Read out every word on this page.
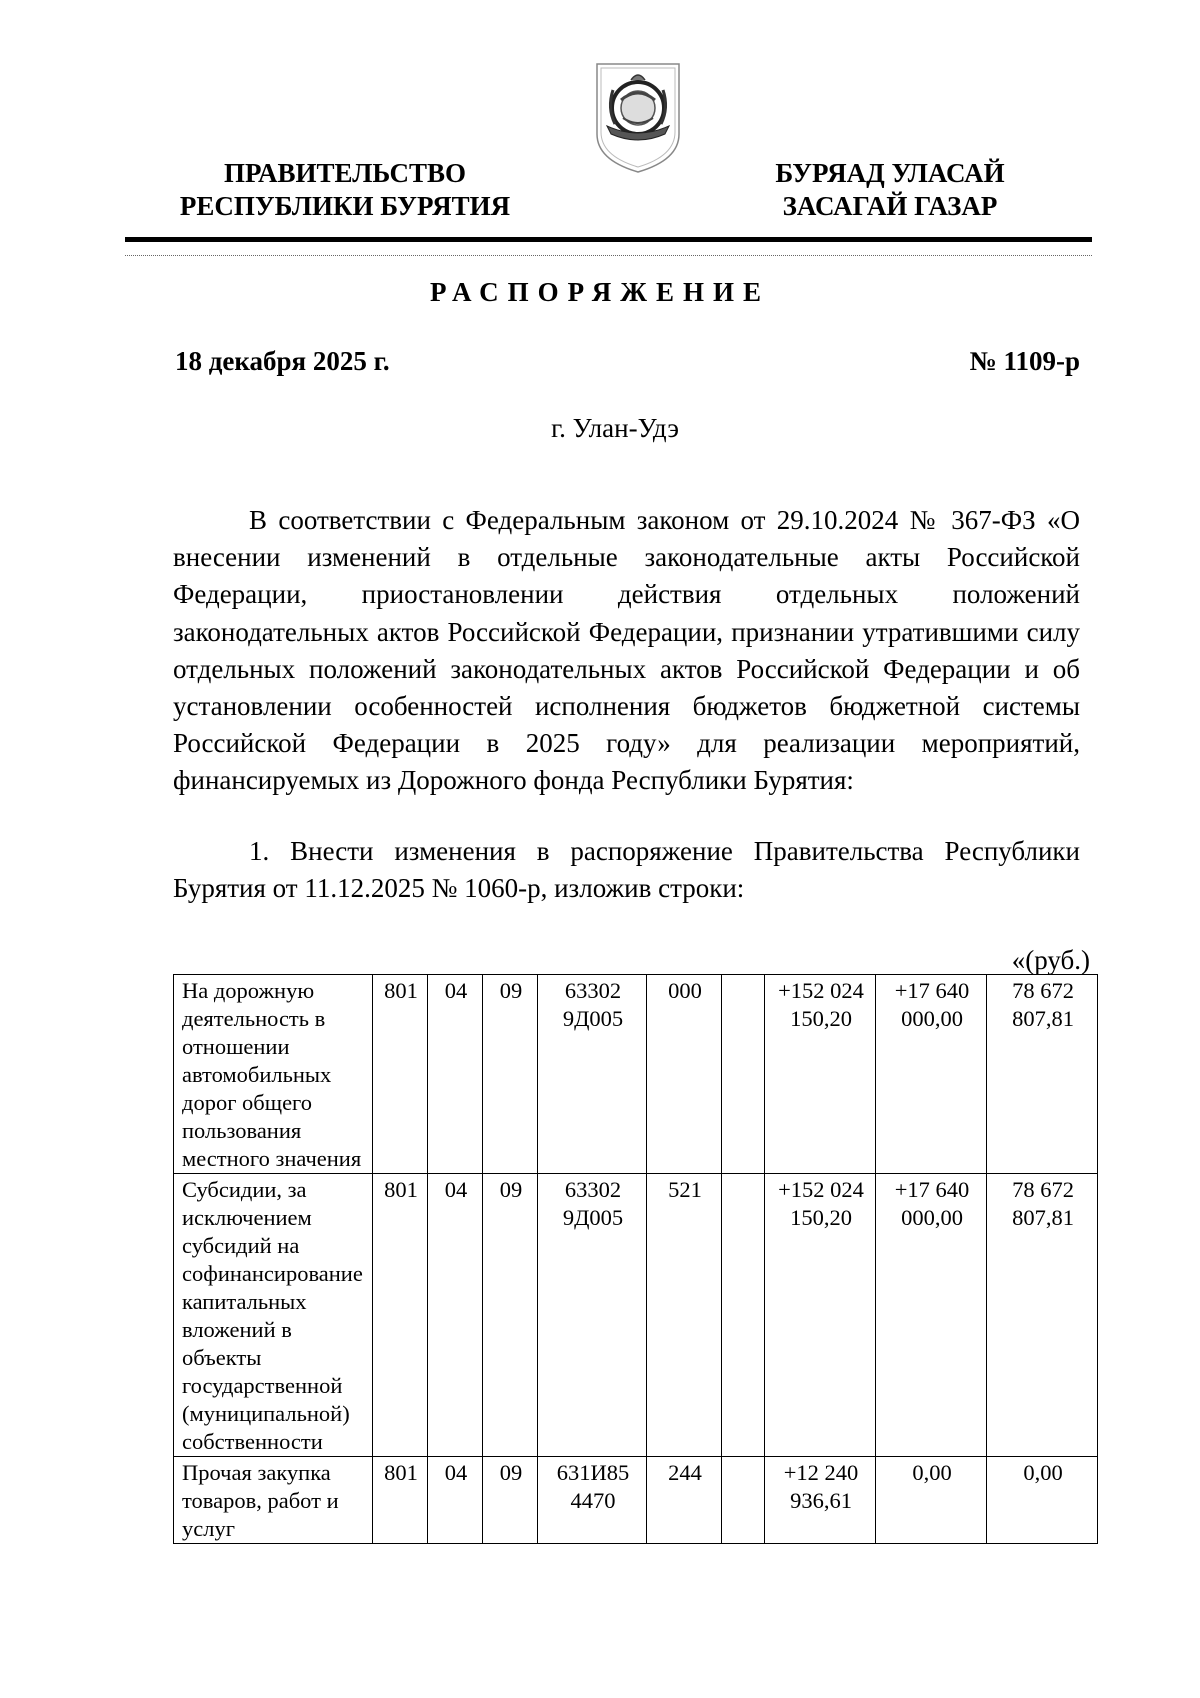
ПРАВИТЕЛЬСТВО
РЕСПУБЛИКИ БУРЯТИЯ
БУРЯАД УЛАСАЙ
ЗАСАГАЙ ГАЗАР
РАСПОРЯЖЕНИЕ
18 декабря 2025 г.	№ 1109-р
г. Улан-Удэ

В соответствии с Федеральным законом от 29.10.2024 № 367-ФЗ «О внесении изменений в отдельные законодательные акты Российской Федерации, приостановлении действия отдельных положений законодательных актов Российской Федерации, признании утратившими силу отдельных положений законодательных актов Российской Федерации и об установлении особенностей исполнения бюджетов бюджетной системы Российской Федерации в 2025 году» для реализации мероприятий, финансируемых из Дорожного фонда Республики Бурятия:

1. Внести изменения в распоряжение Правительства Республики Бурятия от 11.12.2025 № 1060-р, изложив строки:

«(руб.)
На дорожную деятельность в отношении автомобильных дорог общего пользования местного значения	801	04	09	63302 9Д005	000		+152 024 150,20	+17 640 000,00	78 672 807,81
Субсидии, за исключением субсидий на софинансирование капитальных вложений в объекты государственной (муниципальной) собственности	801	04	09	63302 9Д005	521		+152 024 150,20	+17 640 000,00	78 672 807,81
Прочая закупка товаров, работ и услуг	801	04	09	631И85 4470	244		+12 240 936,61	0,00	0,00
